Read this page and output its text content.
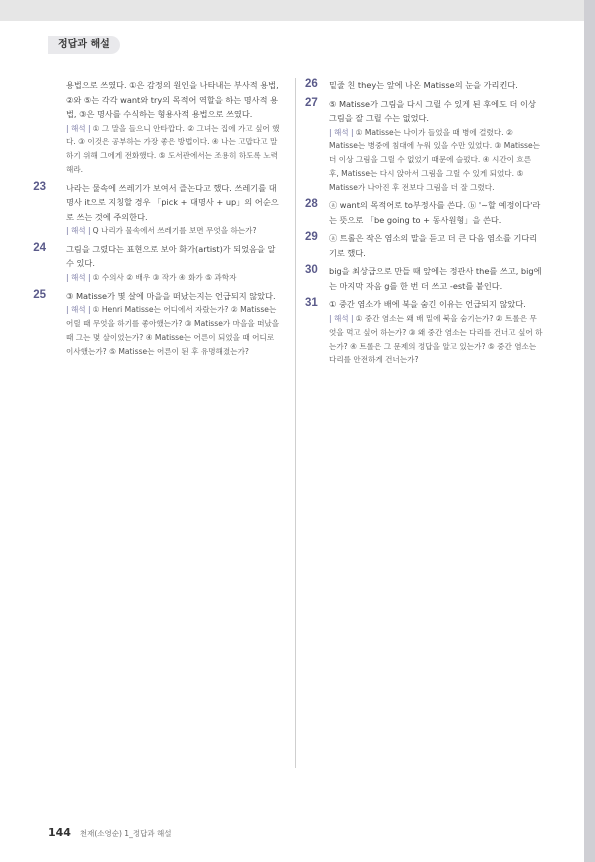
정답과 해설
용법으로 쓰였다. ①은 감정의 원인을 나타내는 부사적 용법, ②와 ⑤는 각각 want와 try의 목적어 역할을 하는 명사적 용법, ③은 명사를 수식하는 형용사적 용법으로 쓰였다.
| 해석 | ① 그 말을 들으니 안타깝다. ② 그녀는 집에 가고 싶어 했다. ③ 이것은 공부하는 가장 좋은 방법이다. ④ 나는 고맙다고 말하기 위해 그에게 전화했다. ⑤ 도서관에서는 조용히 하도록 노력해라.
23 나라는 물속에 쓰레기가 보여서 즐논다고 했다. 쓰레기를 대명사 it으로 지칭할 경우 「pick + 대명사 + up」의 어순으로 쓰는 것에 주의한다.
| 해석 | Q 나리가 물속에서 쓰레기를 보면 무엇을 하는가?
24 그림을 그렸다는 표현으로 보아 화가(artist)가 되었음을 알 수 있다.
| 해석 | ① 수의사 ② 배우 ③ 작가 ④ 화가 ⑤ 과학자
25 ③ Matisse가 몇 살에 마을을 떠났는지는 언급되지 않았다.
| 해석 | ① Henri Matisse는 어디에서 자랐는가? ② Matisse는 어릴 때 무엇을 하기를 좋아했는가? ③ Matisse가 마을을 떠났을 때 그는 몇 살이었는가? ④ Matisse는 어른이 되었을 때 어디로 이사했는가? ⑤ Matisse는 어른이 된 후 유명해졌는가?
26	밑줄 친 they는 앞에 나온 Matisse의 눈을 가리킨다.
27	⑤ Matisse가 그림을 다시 그릴 수 있게 된 후에도 더 이상 그림을 잘 그릴 수는 없었다.
| 해석 | ① Matisse는 나이가 들었을 때 병에 걸렸다. ② Matisse는 병중에 침대에 누워 있을 수만 있었다. ③ Matisse는 더 이상 그림을 그릴 수 없었기 때문에 슬펐다. ④ 시간이 흐른 후, Matisse는 다시 앉아서 그림을 그릴 수 있게 되었다. ⑤ Matisse가 나아진 후 전보다 그림을 더 잘 그렸다.
28	ⓐ want의 목적어로 to부정사를 쓴다. ⓑ '~할 예정이다'라는 뜻으로 「be going to + 동사원형」을 쓴다.
29	ⓐ 트롤은 작은 염소의 말을 듣고 더 큰 다음 염소를 기다리기로 했다.
30	big을 최상급으로 만들 때 앞에는 정관사 the를 쓰고, big에는 마지막 자음 g를 한 번 더 쓰고 -est를 붙인다.
31	① 중간 염소가 배에 북을 숨긴 이유는 언급되지 않았다.
| 해석 | ① 중간 염소는 왜 배 밑에 북을 숨기는가? ② 트롤은 무엇을 먹고 싶어 하는가? ③ 왜 중간 염소는 다리를 건너고 싶어 하는가? ④ 트롤은 그 문제의 정답을 알고 있는가? ⑤ 중간 염소는 다리를 안전하게 건너는가?
144 천재(소영순) 1_정답과 해설
